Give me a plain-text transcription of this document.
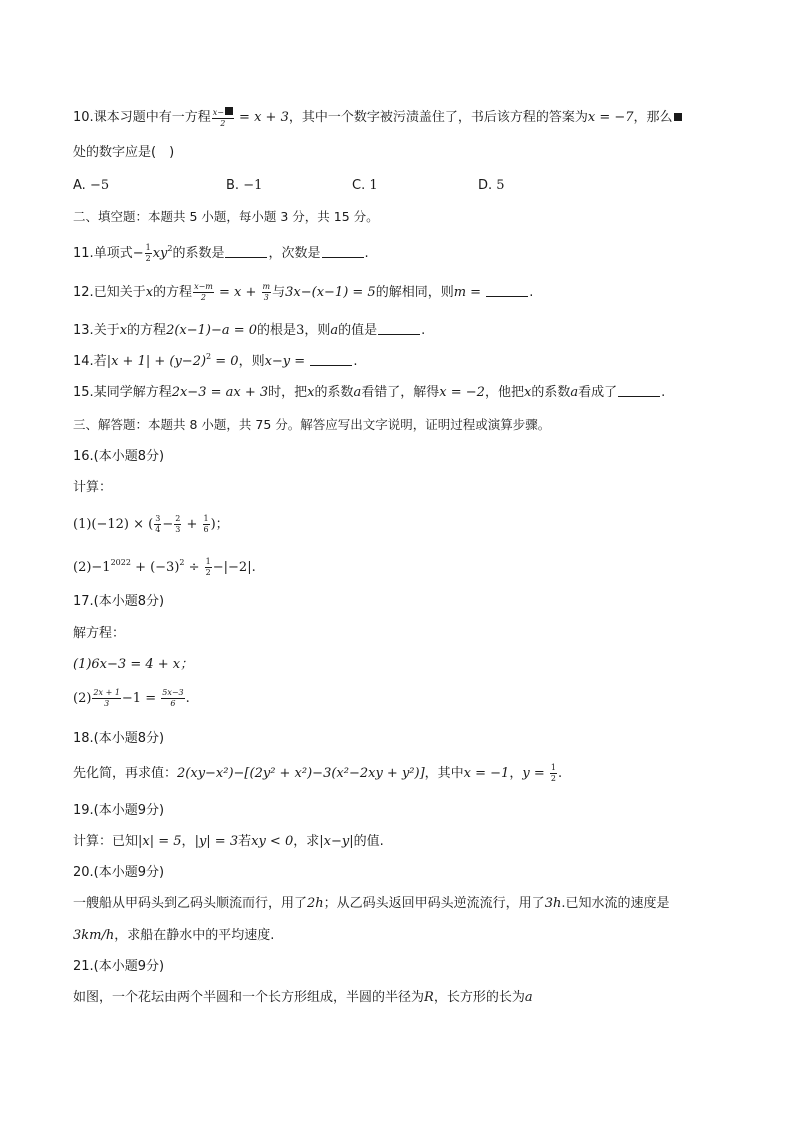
10.课本习题中有一方程 $\frac{x-}{2} = x + 3$，其中一个数字被污渍盖住了，书后该方程的答案为x = −7，那么
处的数字应是(　)
A. −5	B. −1	C. 1	D. 5
二、填空题：本题共 5 小题，每小题 3 分，共 15 分。
11.单项式− $\frac{1}{2} xy^2$的系数是	，次数是	.
12.已知关于x的方程 $\frac{x-m}{2} = x + \frac{m}{3}$ 与3x−(x−1) = 5的解相同，则m =	.
13.关于x的方程2(x−1)−a = 0的根是3，则a的值是	.
14.若$|x + 1| + (y-2)^2 = 0$，则x−y =	.
15.某同学解方程2x−3 = ax + 3时，把x的系数a看错了，解得x = −2，他把x的系数a看成了	.
三、解答题：本题共 8 小题，共 75 分。解答应写出文字说明，证明过程或演算步骤。
16.(本小题8分)
计算：
(1)(−12) × ( $\frac{3}{4} - \frac{2}{3} + \frac{1}{6}$ )；
$(2)-1^{2022} + (-3)^2 \div \frac{1}{2} -|-2|$.
17.(本小题8分)
解方程：
(1)6x−3 = 4 + x；
$(2) \frac{2x + 1}{3} -1 = \frac{5x-3}{6}$ .
18.(本小题8分)
先化简，再求值：2(xy−x²)−[(2y² + x²)−3(x²−2xy + y²)]，其中x = −1，$y = \frac{1}{2}$ .
19.(本小题9分)
计算：已知|x| = 5，|y| = 3若xy < 0，求|x−y|的值.
20.(本小题9分)
一艘船从甲码头到乙码头顺流而行，用了2h；从乙码头返回甲码头逆流流行，用了3h.已知水流的速度是
3km/h，求船在静水中的平均速度.
21.(本小题9分)
如图，一个花坛由两个半圆和一个长方形组成，半圆的半径为R，长方形的长为a
